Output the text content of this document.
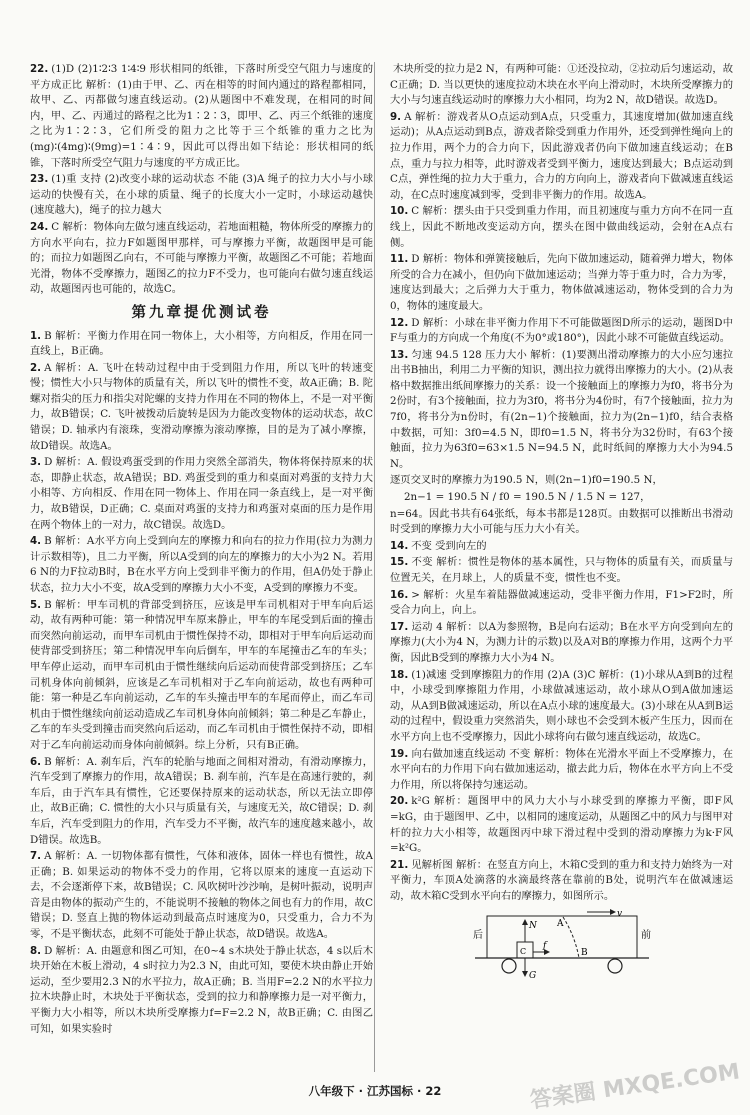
22. (1)D (2)1∶2∶3 1∶4∶9 形状相同的纸锥，下落时所受空气阻力与速度的平方成正比 解析：(1)由于甲、乙、丙在相等的时间内通过的路程都相同，故甲、乙、丙都做匀速直线运动。(2)从题图中不难发现，在相同的时间内，甲、乙、丙通过的路程之比为1∶2∶3，即甲、乙、丙三个纸锥的速度之比为1∶2∶3，它们所受的阻力之比等于三个纸锥的重力之比为(mg)∶(4mg)∶(9mg)=1∶4∶9，因此可以得出如下结论：形状相同的纸锥，下落时所受空气阻力与速度的平方成正比。
23. (1)重 支持 (2)改变小球的运动状态 不能 (3)A 绳子的拉力大小与小球运动的快慢有关，在小球的质量、绳子的长度大小一定时，小球运动越快(速度越大)，绳子的拉力越大
24. C 解析：物体向左做匀速直线运动，若地面粗糙，物体所受的摩擦力的方向水平向右，拉力F如题图甲那样，可与摩擦力平衡，故题图甲是可能的；而拉力如题图乙向右，不可能与摩擦力平衡，故题图乙不可能；若地面光滑，物体不受摩擦力，题图乙的拉力F不受力，也可能向右做匀速直线运动，故题图丙也可能的，故选C。
第九章提优测试卷
1. B 解析：平衡力作用在同一物体上，大小相等，方向相反，作用在同一直线上，B正确。
2. A 解析：A. 飞叶在转动过程中由于受到阻力作用，所以飞叶的转速变慢；惯性大小只与物体的质量有关，所以飞叶的惯性不变，故A正确；B. 陀螺对指尖的压力和指尖对陀螺的支持力作用在不同的物体上，不是一对平衡力，故B错误；C. 飞叶被拨动后旋转是因为力能改变物体的运动状态，故C错误；D. 轴承内有滚珠，变滑动摩擦为滚动摩擦，目的是为了减小摩擦，故D错误。故选A。
3. D 解析：A. 假设鸡蛋受到的作用力突然全部消失，物体将保持原来的状态，即静止状态，故A错误；BD. 鸡蛋受到的重力和桌面对鸡蛋的支持力大小相等、方向相反、作用在同一物体上、作用在同一条直线上，是一对平衡力，故B错误，D正确；C. 桌面对鸡蛋的支持力和鸡蛋对桌面的压力是作用在两个物体上的一对力，故C错误。故选D。
4. B 解析：A水平方向上受到向左的摩擦力和向右的拉力作用(拉力为测力计示数相等)，且二力平衡，所以A受到的向左的摩擦力的大小为2 N。若用6 N的力F拉动B时，B在水平方向上受到非平衡力的作用，但A仍处于静止状态，拉力大小不变，故A受到的摩擦力大小不变，A受到的摩擦力不变。
5. B 解析：甲车司机的背部受到挤压，应该是甲车司机相对于甲车向后运动，故有两种可能：第一种情况甲车原来静止，甲车的车尾受到后面的撞击而突然向前运动，而甲车司机由于惯性保持不动，即相对于甲车向后运动而使背部受到挤压；第二种情况甲车向后倒车，甲车的车尾撞击乙车的车头；甲车停止运动，而甲车司机由于惯性继续向后运动而使背部受到挤压；乙车司机身体向前倾斜，应该是乙车司机相对于乙车向前运动，故也有两种可能：第一种是乙车向前运动，乙车的车头撞击甲车的车尾而停止，而乙车司机由于惯性继续向前运动造成乙车司机身体向前倾斜；第二种是乙车静止，乙车的车头受到撞击而突然向后运动，而乙车司机由于惯性保持不动，即相对于乙车向前运动而身体向前倾斜。综上分析，只有B正确。
6. B 解析：A. 刹车后，汽车的轮胎与地面之间相对滑动，有滑动摩擦力，汽车受到了摩擦力的作用，故A错误；B. 刹车前，汽车是在高速行驶的，刹车后，由于汽车具有惯性，它还要保持原来的运动状态，所以无法立即停止，故B正确；C. 惯性的大小只与质量有关，与速度无关，故C错误；D. 刹车后，汽车受到阻力的作用，汽车受力不平衡，故汽车的速度越来越小，故D错误。故选B。
7. A 解析：A. 一切物体都有惯性，气体和液体，固体一样也有惯性，故A正确；B. 如果运动的物体不受力的作用，它将以原来的速度一直运动下去，不会逐渐停下来，故B错误；C. 风吹树叶沙沙响，是树叶振动，说明声音是由物体的振动产生的，不能说明不接触的物体之间也有力的作用，故C错误；D. 竖直上抛的物体运动到最高点时速度为0，只受重力，合力不为零，不是平衡状态，此刻不可能处于静止状态，故D错误。故选A。
8. D 解析：A. 由题意和图乙可知，在0~4 s木块处于静止状态，4 s以后木块开始在木板上滑动，4 s时拉力为2.3 N，由此可知，要使木块由静止开始运动，至少要用2.3 N的水平拉力，故A正确；B. 当用F=2.2 N的水平拉力拉木块静止时，木块处于平衡状态，受到的拉力和静摩擦力是一对平衡力，平衡力大小相等，所以木块所受摩擦力f=F=2.2 N，故B正确；C. 由图乙可知，如果实验时
木块所受的拉力是2 N，有两种可能：①还没拉动，②拉动后匀速运动，故C正确；D. 当以更快的速度拉动木块在水平向上滑动时，木块所受摩擦力的大小与匀速直线运动时的摩擦力大小相同，均为2 N，故D错误。故选D。
9. A 解析：游戏者从O点运动到A点，只受重力，其速度增加(做加速直线运动)；从A点运动到B点，游戏者除受到重力作用外，还受到弹性绳向上的拉力作用，两个力的合力向下，因此游戏者仍向下做加速直线运动；在B点，重力与拉力相等，此时游戏者受到平衡力，速度达到最大；B点运动到C点，弹性绳的拉力大于重力，合力的方向向上，游戏者向下做减速直线运动，在C点时速度减到零，受到非平衡力的作用。故选A。
10. C 解析：摆头由于只受到重力作用，而且初速度与重力方向不在同一直线上，因此不断地改变运动方向，摆头在图中做曲线运动，会射在A点右侧。
11. D 解析：物体和弹簧接触后，先向下做加速运动，随着弹力增大，物体所受的合力在减小，但仍向下做加速运动；当弹力等于重力时，合力为零，速度达到最大；之后弹力大于重力，物体做减速运动，物体受到的合力为0，物体的速度最大。
12. D 解析：小球在非平衡力作用下不可能做题图D所示的运动，题图D中F与重力的方向成一个角度(不为0°或180°)，因此小球不可能做直线运动。
13. 匀速 94.5 128 压力大小 解析：(1)要测出滑动摩擦力的大小应匀速拉出书B抽出，利用二力平衡的知识，测出拉力就得出摩擦力的大小。(2)从表格中数据推出纸间摩擦力的关系：设一个接触面上的摩擦力为f0，将书分为2份时，有3个接触面，拉力为3f0，将书分为4份时，有7个接触面，拉力为7f0，将书分为n份时，有(2n−1)个接触面，拉力为(2n−1)f0，结合表格中数据，可知：3f0=4.5 N，即f0=1.5 N，将书分为32份时，有63个接触面，拉力为63f0=63×1.5 N=94.5 N，此时纸间的摩擦力大小为94.5 N。
逐页交叉时的摩擦力为190.5 N，则(2n−1)f0=190.5 N，
2n−1 = 190.5 N / f0 = 190.5 N / 1.5 N = 127，
n=64。因此书共有64张纸，每本书都是128页。由数据可以推断出书滑动时受到的摩擦力大小可能与压力大小有关。
14. 不变 受到向左的
15. 不变 解析：惯性是物体的基本属性，只与物体的质量有关，而质量与位置无关，在月球上，人的质量不变，惯性也不变。
16. > 解析：火星车着陆器做减速运动，受非平衡力作用，F1>F2时，所受合力向上，向上。
17. 运动 4 解析：以A为参照物，B是向右运动；B在水平方向受到向左的摩擦力(大小为4 N，为测力计的示数)以及A对B的摩擦力作用，这两个力平衡，因此B受到的摩擦力大小为4 N。
18. (1)减速 受到摩擦阻力的作用 (2)A (3)C 解析：(1)小球从A到B的过程中，小球受到摩擦阻力作用，小球做减速运动，故小球从O到A做加速运动，从A到B做减速运动，所以在A点小球的速度最大。(3)小球在从A到B运动的过程中，假设重力突然消失，则小球也不会受到木板产生压力，因而在水平方向上也不受摩擦力，因此小球将向右做匀速直线运动，故选C。
19. 向右做加速直线运动 不变 解析：物体在光滑水平面上不受摩擦力，在水平向右的力作用下向右做加速运动，撤去此力后，物体在水平方向上不受力作用，所以将保持匀速运动。
20. k²G 解析：题图甲中的风力大小与小球受到的摩擦力平衡，即F风=kG，由于题图甲、乙中，以相同的速度运动，从题图乙中的风力与图甲对杆的拉力大小相等，故题图丙中球下滑过程中受到的滑动摩擦力为k·F风=k²G。
21. 见解析图 解析：在竖直方向上，木箱C受到的重力和支持力始终为一对平衡力，车顶A处滴落的水滴最终落在靠前的B处，说明汽车在做减速运动，故木箱C受到水平向右的摩擦力，如图所示。
后	前
v
N
G
f
A
B
C
八年级下 · 江苏国标 · 22	答案圈 MXQE.COM
